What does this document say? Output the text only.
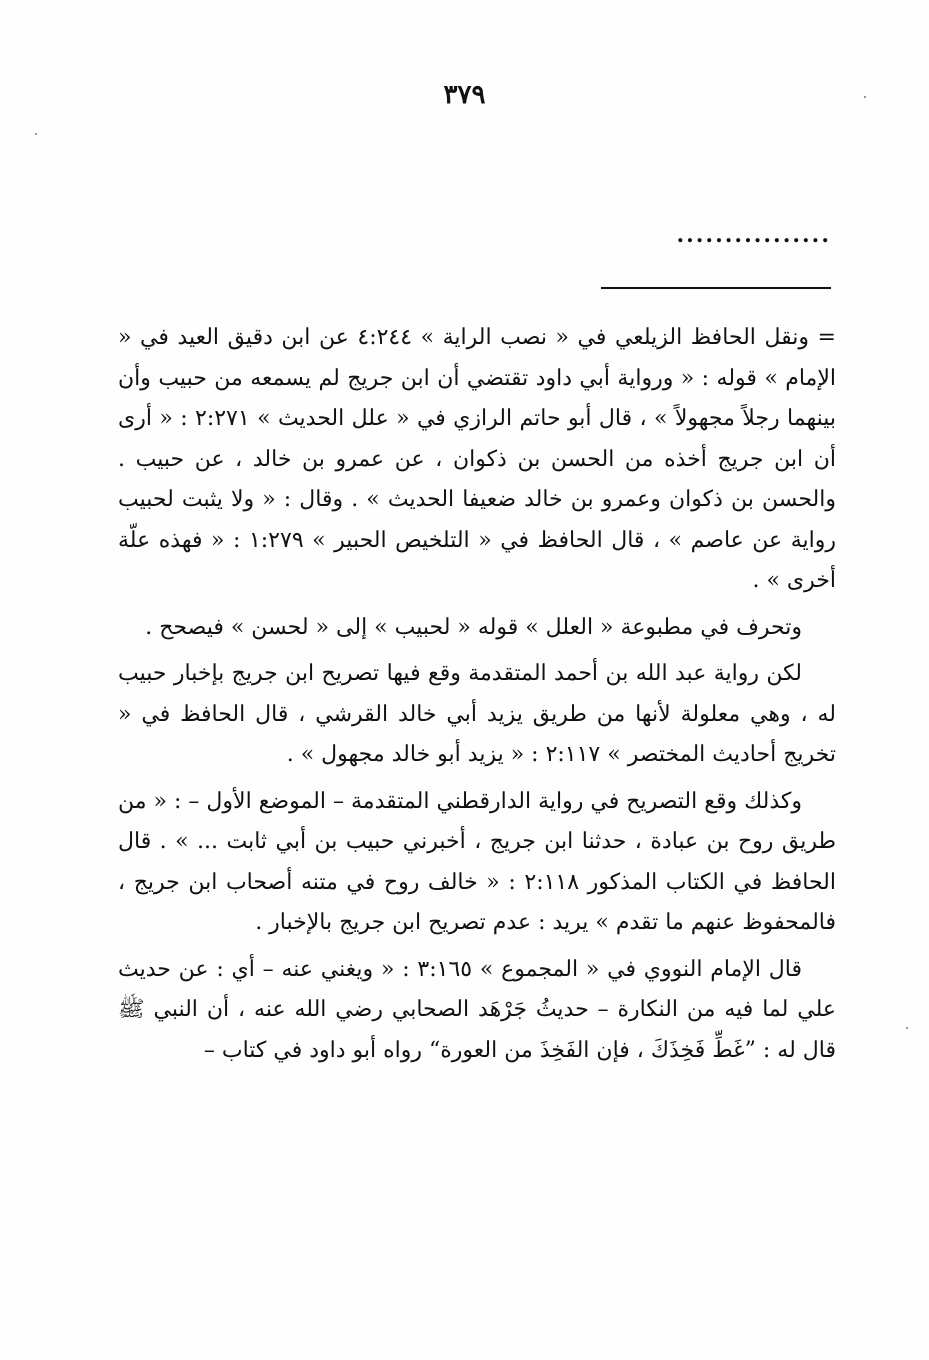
٣٧٩
................

= ونقل الحافظ الزيلعي في « نصب الراية » ٤:٢٤٤ عن ابن دقيق العيد في « الإمام » قوله : « ورواية أبي داود تقتضي أن ابن جريج لم يسمعه من حبيب وأن بينهما رجلاً مجهولاً » ، قال أبو حاتم الرازي في « علل الحديث » ٢:٢٧١ : « أرى أن ابن جريج أخذه من الحسن بن ذكوان ، عن عمرو بن خالد ، عن حبيب . والحسن بن ذكوان وعمرو بن خالد ضعيفا الحديث » . وقال : « ولا يثبت لحبيب رواية عن عاصم » ، قال الحافظ في « التلخيص الحبير » ١:٢٧٩ : « فهذه علّة أخرى » .

وتحرف في مطبوعة « العلل » قوله « لحبيب » إلى « لحسن » فيصحح .

لكن رواية عبد الله بن أحمد المتقدمة وقع فيها تصريح ابن جريج بإخبار حبيب له ، وهي معلولة لأنها من طريق يزيد أبي خالد القرشي ، قال الحافظ في « تخريج أحاديث المختصر » ٢:١١٧ : « يزيد أبو خالد مجهول » .

وكذلك وقع التصريح في رواية الدارقطني المتقدمة – الموضع الأول – : « من طريق روح بن عبادة ، حدثنا ابن جريج ، أخبرني حبيب بن أبي ثابت ... » . قال الحافظ في الكتاب المذكور ٢:١١٨ : « خالف روح في متنه أصحاب ابن جريج ، فالمحفوظ عنهم ما تقدم » يريد : عدم تصريح ابن جريج بالإخبار .

قال الإمام النووي في « المجموع » ٣:١٦٥ : « ويغني عنه – أي : عن حديث علي لما فيه من النكارة – حديثُ جَرْهَد الصحابي رضي الله عنه ، أن النبي ﷺ قال له : ”غَطِّ فَخِذَكَ ، فإن الفَخِذَ من العورة“ رواه أبو داود في كتاب –
